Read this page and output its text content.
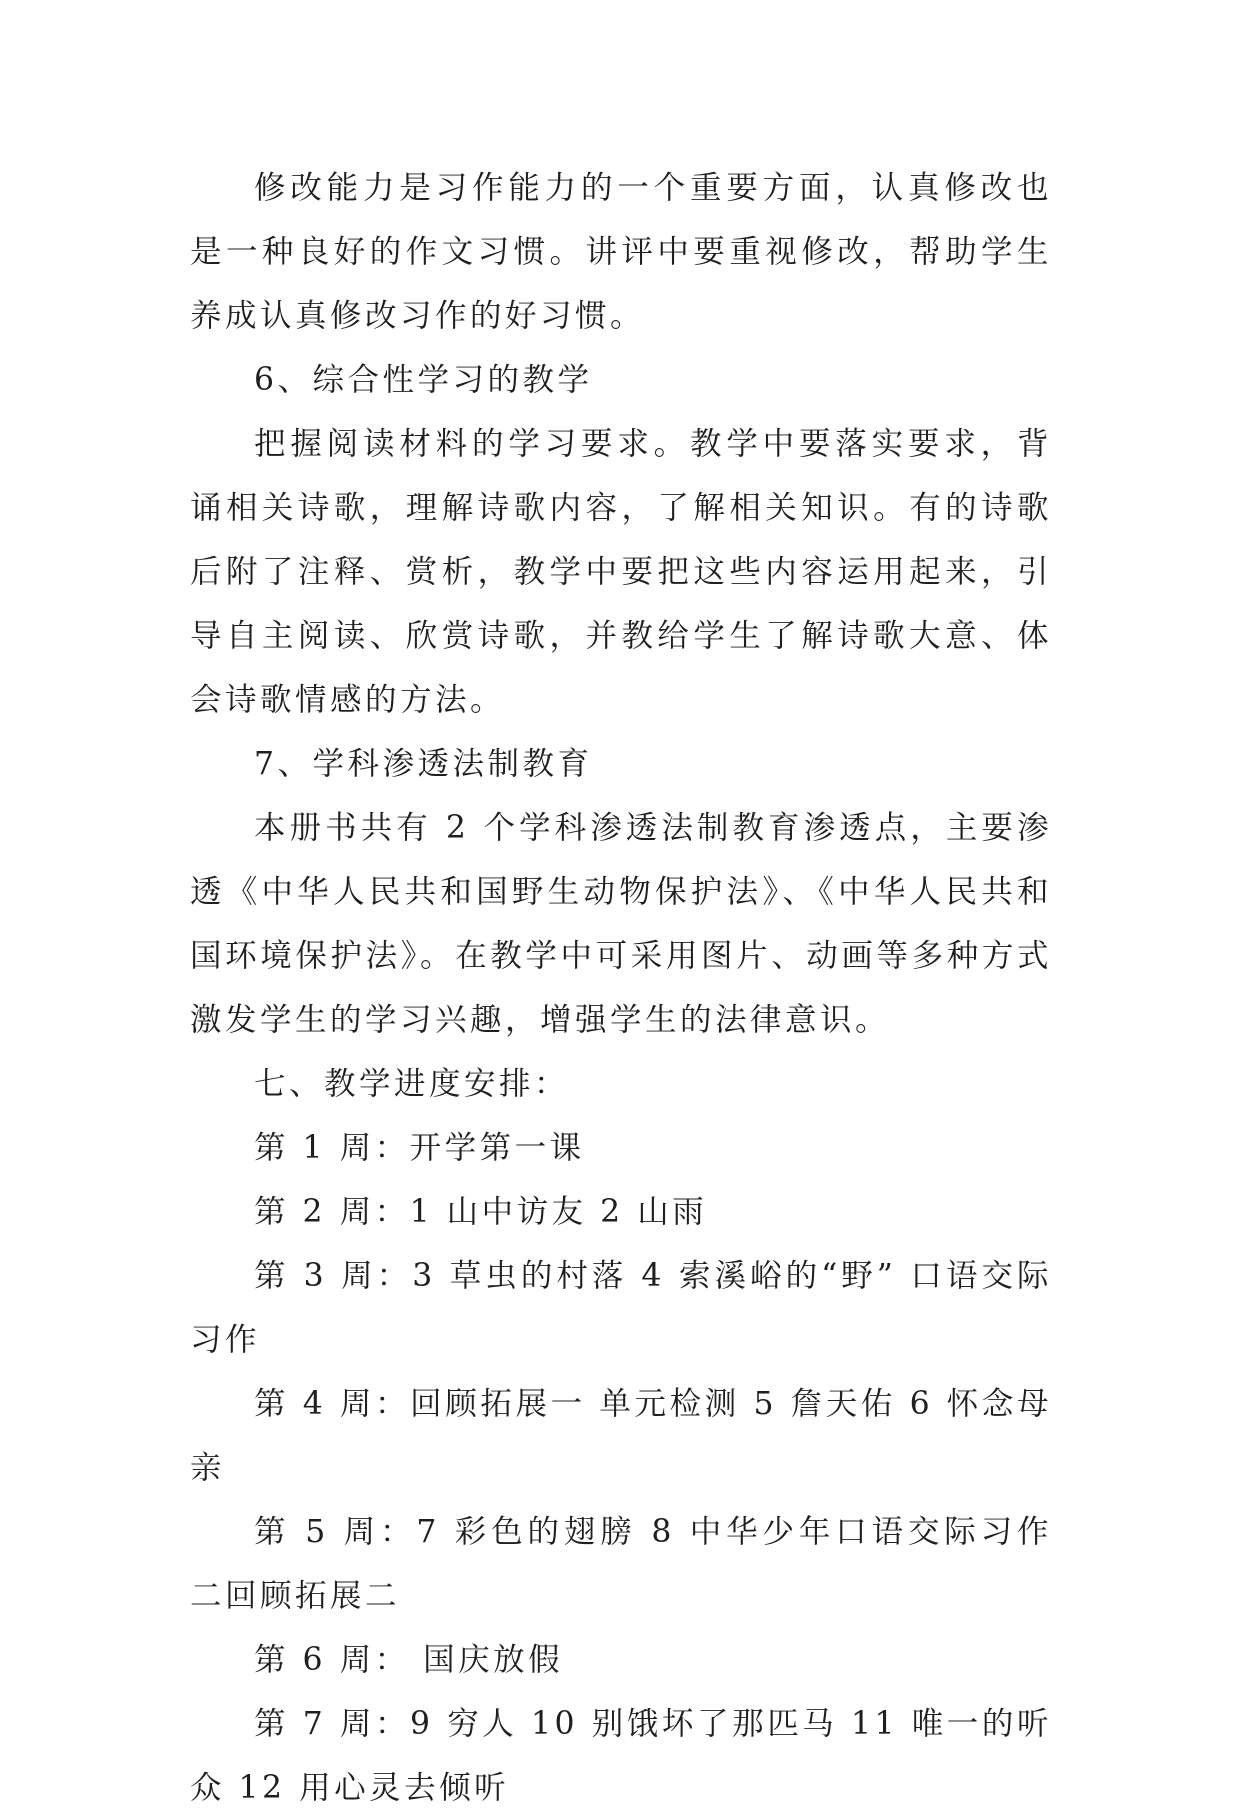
修改能力是习作能力的一个重要方面，认真修改也是一种良好的作文习惯。讲评中要重视修改，帮助学生养成认真修改习作的好习惯。

6、综合性学习的教学

把握阅读材料的学习要求。教学中要落实要求，背诵相关诗歌，理解诗歌内容，了解相关知识。有的诗歌后附了注释、赏析，教学中要把这些内容运用起来，引导自主阅读、欣赏诗歌，并教给学生了解诗歌大意、体会诗歌情感的方法。

7、学科渗透法制教育

本册书共有 2 个学科渗透法制教育渗透点，主要渗透《中华人民共和国野生动物保护法》、《中华人民共和国环境保护法》。在教学中可采用图片、动画等多种方式激发学生的学习兴趣，增强学生的法律意识。

七、教学进度安排：

第 1 周：开学第一课

第 2 周：1 山中访友 2 山雨

第 3 周：3 草虫的村落 4 索溪峪的“野” 口语交际习作

第 4 周：回顾拓展一 单元检测 5 詹天佑 6 怀念母亲

第 5 周：7 彩色的翅膀 8 中华少年口语交际习作二回顾拓展二

第 6 周： 国庆放假

第 7 周：9 穷人 10 别饿坏了那匹马 11 唯一的听众 12 用心灵去倾听
